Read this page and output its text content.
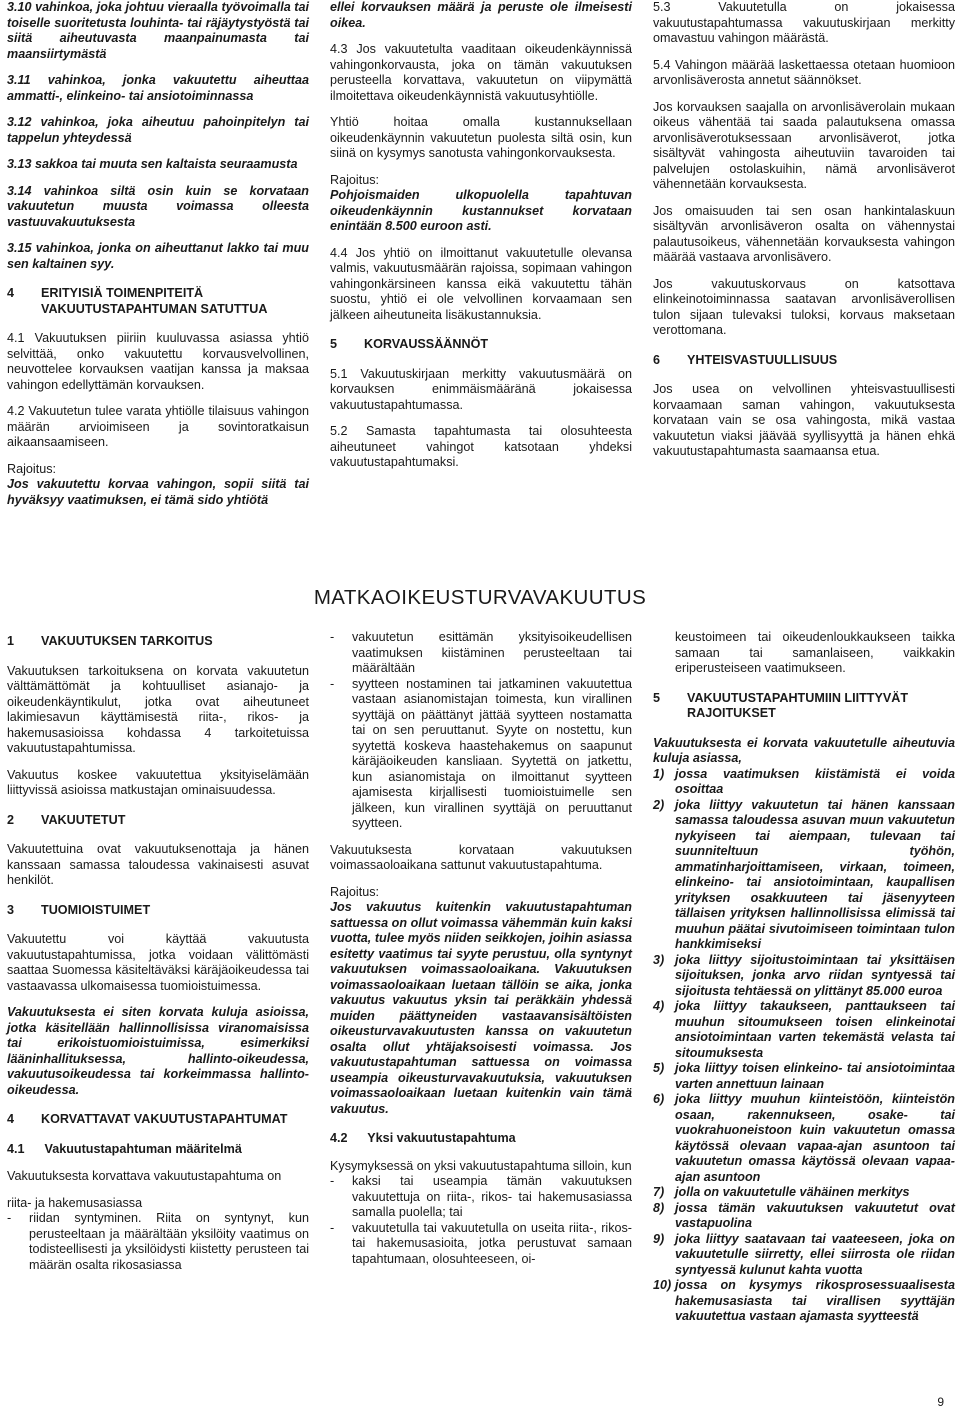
3.10 vahinkoa, joka johtuu vieraalla työvoimalla tai toiselle suoritetusta louhinta- tai räjäytystyöstä tai siitä aiheutuvasta maanpainumasta tai maansiirtymästä

3.11 vahinkoa, jonka vakuutettu aiheuttaa ammatti-, elinkeino- tai ansiotoiminnassa

3.12 vahinkoa, joka aiheutuu pahoinpitelyn tai tappelun yhteydessä

3.13 sakkoa tai muuta sen kaltaista seuraamusta

3.14 vahinkoa siltä osin kuin se korvataan vakuutetun muusta voimassa olleesta vastuuvakuutuksesta

3.15 vahinkoa, jonka on aiheuttanut lakko tai muu sen kaltainen syy.

4	ERITYISIÄ TOIMENPITEITÄ VAKUUTUSTAPAHTUMAN SATUTTUA

4.1 Vakuutuksen piiriin kuuluvassa asiassa yhtiö selvittää, onko vakuutettu korvausvelvollinen, neuvottelee korvauksen vaatijan kanssa ja maksaa vahingon edellyttämän korvauksen.

4.2 Vakuutetun tulee varata yhtiölle tilaisuus vahingon määrän arvioimiseen ja sovintoratkaisun aikaansaamiseen.

Rajoitus:

Jos vakuutettu korvaa vahingon, sopii siitä tai hyväksyy vaatimuksen, ei tämä sido yhtiötä

ellei korvauksen määrä ja peruste ole ilmeisesti oikea.

4.3 Jos vakuutetulta vaaditaan oikeudenkäynnissä vahingonkorvausta, joka on tämän vakuutuksen perusteella korvattava, vakuutetun on viipymättä ilmoitettava oikeudenkäynnistä vakuutusyhtiölle.

Yhtiö hoitaa omalla kustannuksellaan oikeudenkäynnin vakuutetun puolesta siltä osin, kun siinä on kysymys sanotusta vahingonkorvauksesta.

Rajoitus:

Pohjoismaiden ulkopuolella tapahtuvan oikeudenkäynnin kustannukset korvataan enintään 8.500 euroon asti.

4.4 Jos yhtiö on ilmoittanut vakuutetulle olevansa valmis, vakuutusmäärän rajoissa, sopimaan vahingon vahingonkärsineen kanssa eikä vakuutettu tähän suostu, yhtiö ei ole velvollinen korvaamaan sen jälkeen aiheutuneita lisäkustannuksia.

5	KORVAUSSÄÄNNÖT

5.1 Vakuutuskirjaan merkitty vakuutusmäärä on korvauksen enimmäismääränä jokaisessa vakuutustapahtumassa.

5.2 Samasta tapahtumasta tai olosuhteesta aiheutuneet vahingot katsotaan yhdeksi vakuutustapahtumaksi.

5.3 Vakuutetulla on jokaisessa vakuutustapahtumassa vakuutuskirjaan merkitty omavastuu vahingon määrästä.

5.4 Vahingon määrää laskettaessa otetaan huomioon arvonlisäverosta annetut säännökset.

Jos korvauksen saajalla on arvonlisäverolain mukaan oikeus vähentää tai saada palautuksena omassa arvonlisäverotuksessaan arvonlisäverot, jotka sisältyvät vahingosta aiheutuviin tavaroiden tai palvelujen ostolaskuihin, nämä arvonlisäverot vähennetään korvauksesta.

Jos omaisuuden tai sen osan hankintalaskuun sisältyvän arvonlisäveron osalta on vähennystai palautusoikeus, vähennetään korvauksesta vahingon määrää vastaava arvonlisävero.

Jos vakuutuskorvaus on katsottava elinkeinotoiminnassa saatavan arvonlisäverollisen tulon sijaan tulevaksi tuloksi, korvaus maksetaan verottomana.

6	YHTEISVASTUULLISUUS

Jos usea on velvollinen yhteisvastuullisesti korvaamaan saman vahingon, vakuutuksesta korvataan vain se osa vahingosta, mikä vastaa vakuutetun viaksi jäävää syyllisyyttä ja hänen ehkä vakuutustapahtumasta saamaansa etua.

MATKAOIKEUSTURVAVAKUUTUS
1	VAKUUTUKSEN TARKOITUS

Vakuutuksen tarkoituksena on korvata vakuutetun välttämättömät ja kohtuulliset asianajo- ja oikeudenkäyntikulut, jotka ovat aiheutuneet lakimiesavun käyttämisestä riita-, rikos- ja hakemusasioissa kohdassa 4 tarkoitetuissa vakuutustapahtumissa.

Vakuutus koskee vakuutettua yksityiselämään liittyvissä asioissa matkustajan ominaisuudessa.

2	VAKUUTETUT

Vakuutettuina ovat vakuutuksenottaja ja hänen kanssaan samassa taloudessa vakinaisesti asuvat henkilöt.

3	TUOMIOISTUIMET

Vakuutettu voi käyttää vakuutusta vakuutustapahtumissa, jotka voidaan välittömästi saattaa Suomessa käsiteltäväksi käräjäoikeudessa tai vastaavassa ulkomaisessa tuomioistuimessa.

Vakuutuksesta ei siten korvata kuluja asioissa, jotka käsitellään hallinnollisissa viranomaisissa tai erikoistuomioistuimissa, esimerkiksi lääninhallituksessa, hallinto-oikeudessa, vakuutusoikeudessa tai korkeimmassa hallinto-oikeudessa.

4	KORVATTAVAT VAKUUTUSTAPAHTUMAT
4.1 Vakuutustapahtuman määritelmä

Vakuutuksesta korvattava vakuutustapahtuma on

riita- ja hakemusasiassa

-	riidan syntyminen. Riita on syntynyt, kun perusteeltaan ja määrältään yksilöity vaatimus on todisteellisesti ja yksilöidysti kiistetty perusteen tai määrän osalta rikosasiassa
-	vakuutetun esittämän yksityisoikeudellisen vaatimuksen kiistäminen perusteeltaan tai määrältään
-	syytteen nostaminen tai jatkaminen vakuutettua vastaan asianomistajan toimesta, kun virallinen syyttäjä on päättänyt jättää syytteen nostamatta tai on sen peruuttanut. Syyte on nostettu, kun syytettä koskeva haastehakemus on saapunut käräjäoikeuden kansliaan. Syytettä on jatkettu, kun asianomistaja on ilmoittanut syytteen ajamisesta kirjallisesti tuomioistuimelle sen jälkeen, kun virallinen syyttäjä on peruuttanut syytteen.

Vakuutuksesta korvataan vakuutuksen voimassaoloaikana sattunut vakuutustapahtuma.

Rajoitus:

Jos vakuutus kuitenkin vakuutustapahtuman sattuessa on ollut voimassa vähemmän kuin kaksi vuotta, tulee myös niiden seikkojen, joihin asiassa esitetty vaatimus tai syyte perustuu, olla syntynyt vakuutuksen voimassaoloaikana. Vakuutuksen voimassaoloaikaan luetaan tällöin se aika, jonka vakuutus vakuutus yksin tai peräkkäin yhdessä muiden päättyneiden vastaavansisältöisten oikeusturvavakuutusten kanssa on vakuutetun osalta ollut yhtäjaksoisesti voimassa. Jos vakuutustapahtuman sattuessa on voimassa useampia oikeusturvavakuutuksia, vakuutuksen voimassaoloaikaan luetaan kuitenkin vain tämä vakuutus.

4.2 Yksi vakuutustapahtuma

Kysymyksessä on yksi vakuutustapahtuma silloin, kun

-	kaksi tai useampia tämän vakuutuksen vakuutettuja on riita-, rikos- tai hakemusasiassa samalla puolella; tai
-	vakuutetulla tai vakuutetulla on useita riita-, rikos- tai hakemusasioita, jotka perustuvat samaan tapahtumaan, olosuhteeseen, oi-

keustoimeen tai oikeudenloukkaukseen taikka samaan tai samanlaiseen, vaikkakin eriperusteiseen vaatimukseen.

5	VAKUUTUSTAPAHTUMIIN LIITTYVÄT RAJOITUKSET

Vakuutuksesta ei korvata vakuutetulle aiheutuvia kuluja asiassa,

1) jossa vaatimuksen kiistämistä ei voida osoittaa
2) joka liittyy vakuutetun tai hänen kanssaan samassa taloudessa asuvan muun vakuutetun nykyiseen tai aiempaan, tulevaan tai suunniteltuun työhön, ammatinharjoittamiseen, virkaan, toimeen, elinkeino- tai ansiotoimintaan, kaupallisen yrityksen osakkuuteen tai jäsenyyteen tällaisen yrityksen hallinnollisissa elimissä tai muuhun päätai sivutoimiseen toimintaan tulon hankkimiseksi
3) joka liittyy sijoitustoimintaan tai yksittäisen sijoituksen, jonka arvo riidan syntyessä tai sijoitusta tehtäessä on ylittänyt 85.000 euroa
4) joka liittyy takaukseen, panttaukseen tai muuhun sitoumukseen toisen elinkeinotai ansiotoimintaan varten tekemästä velasta tai sitoumuksesta
5) joka liittyy toisen elinkeino- tai ansiotoimintaa varten annettuun lainaan
6) joka liittyy muuhun kiinteistöön, kiinteistön osaan, rakennukseen, osake- tai vuokrahuoneistoon kuin vakuutetun omassa käytössä olevaan vapaa-ajan asuntoon tai vakuutetun omassa käytössä olevaan vapaa-ajan asuntoon
7) jolla on vakuutetulle vähäinen merkitys
8) jossa tämän vakuutuksen vakuutetut ovat vastapuolina
9) joka liittyy saatavaan tai vaateeseen, joka on vakuutetulle siirretty, ellei siirrosta ole riidan syntyessä kulunut kahta vuotta
10) jossa on kysymys rikosprosessuaalisesta hakemusasiasta tai virallisen syyttäjän vakuutettua vastaan ajamasta syytteestä
9
